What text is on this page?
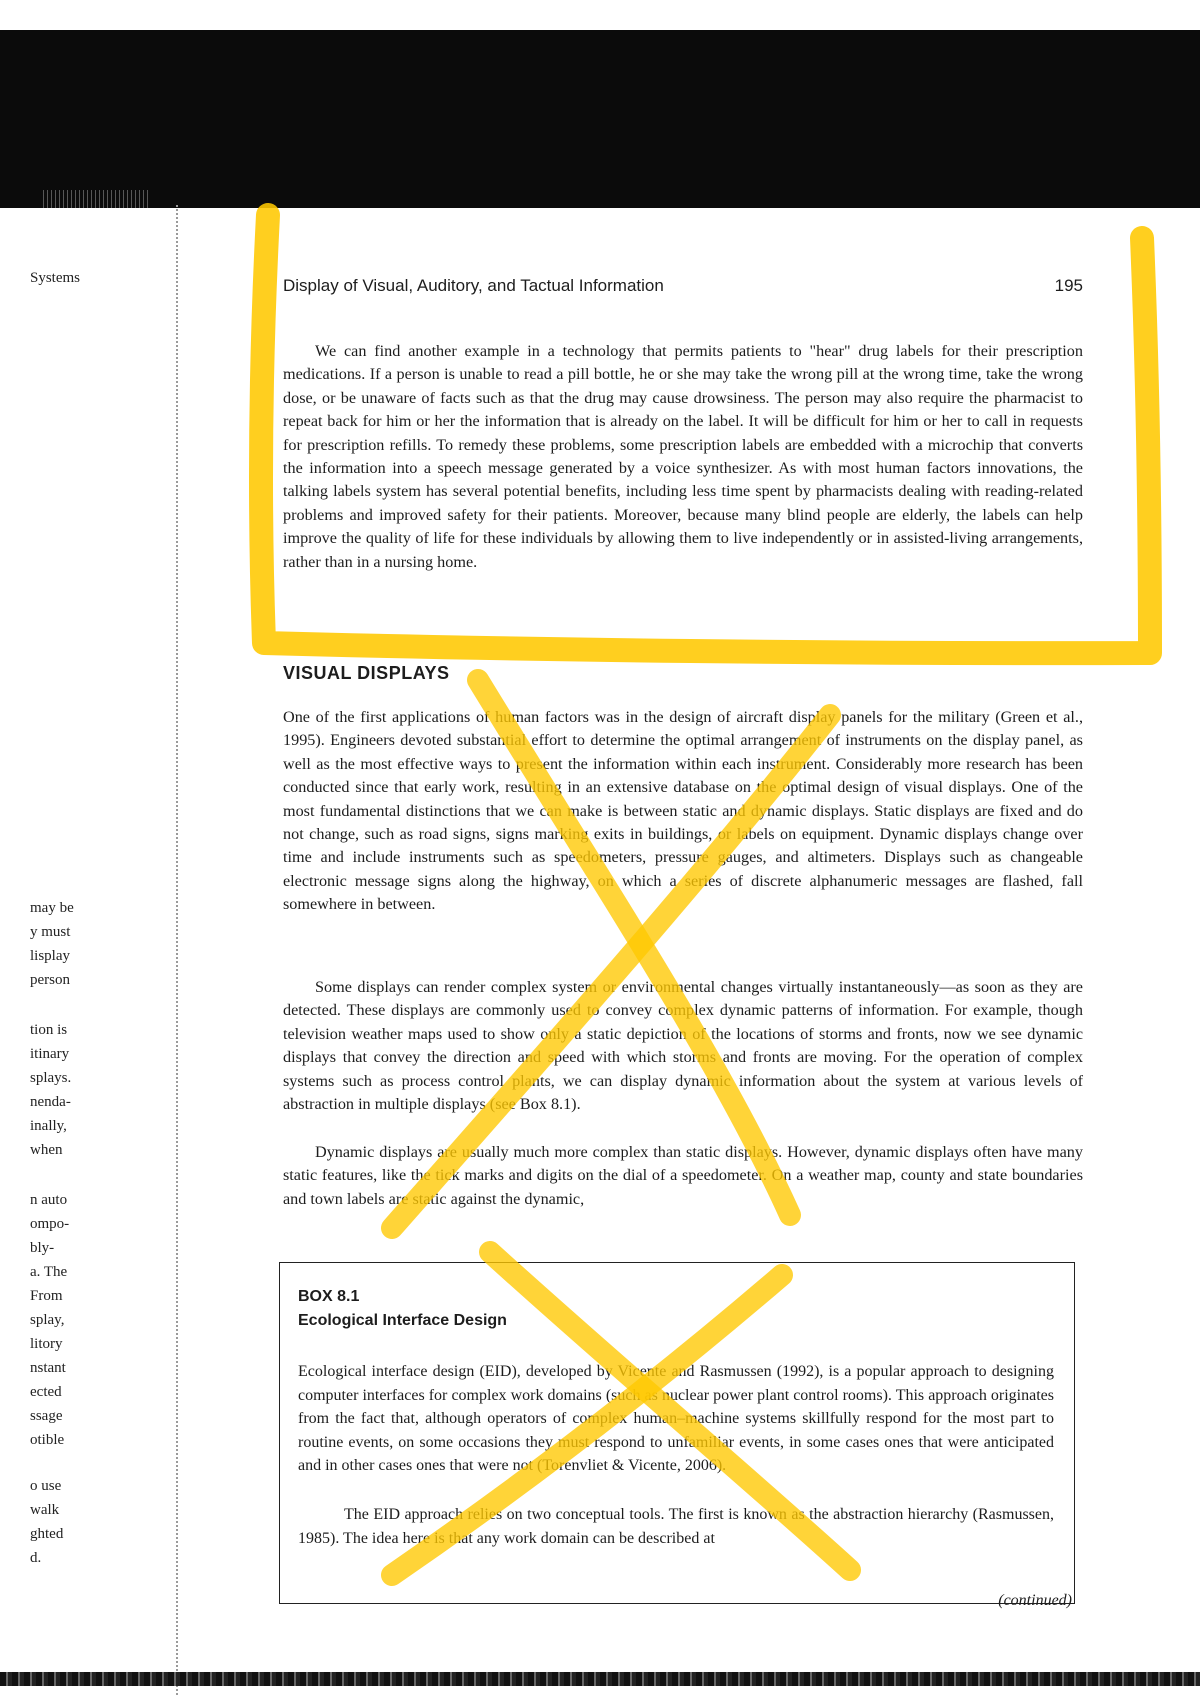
Systems
may be
y must
lisplay
person
tion is
itinary
splays.
nenda-
inally,
when
n auto
ompo-
bly-
a. The
From
splay,
litory
nstant
ected
ssage
otible
o use
walk
ghted
d.
Display of Visual, Auditory, and Tactual Information	195

We can find another example in a technology that permits patients to "hear" drug labels for their prescription medications. If a person is unable to read a pill bottle, he or she may take the wrong pill at the wrong time, take the wrong dose, or be unaware of facts such as that the drug may cause drowsiness. The person may also require the pharmacist to repeat back for him or her the information that is already on the label. It will be difficult for him or her to call in requests for prescription refills. To remedy these problems, some prescription labels are embedded with a microchip that converts the information into a speech message generated by a voice synthesizer. As with most human factors innovations, the talking labels system has several potential benefits, including less time spent by pharmacists dealing with reading-related problems and improved safety for their patients. Moreover, because many blind people are elderly, the labels can help improve the quality of life for these individuals by allowing them to live independently or in assisted-living arrangements, rather than in a nursing home.

VISUAL DISPLAYS

One of the first applications of human factors was in the design of aircraft display panels for the military (Green et al., 1995). Engineers devoted substantial effort to determine the optimal arrangement of instruments on the display panel, as well as the most effective ways to present the information within each instrument. Considerably more research has been conducted since that early work, resulting in an extensive database on the optimal design of visual displays. One of the most fundamental distinctions that we can make is between static and dynamic displays. Static displays are fixed and do not change, such as road signs, signs marking exits in buildings, or labels on equipment. Dynamic displays change over time and include instruments such as speedometers, pressure gauges, and altimeters. Displays such as changeable electronic message signs along the highway, on which a series of discrete alphanumeric messages are flashed, fall somewhere in between.

Some displays can render complex system or environmental changes virtually instantaneously—as soon as they are detected. These displays are commonly used to convey complex dynamic patterns of information. For example, though television weather maps used to show only a static depiction of the locations of storms and fronts, now we see dynamic displays that convey the direction and speed with which storms and fronts are moving. For the operation of complex systems such as process control plants, we can display dynamic information about the system at various levels of abstraction in multiple displays (see Box 8.1).

Dynamic displays are usually much more complex than static displays. However, dynamic displays often have many static features, like the tick marks and digits on the dial of a speedometer. On a weather map, county and state boundaries and town labels are static against the dynamic,

BOX 8.1
Ecological Interface Design

Ecological interface design (EID), developed by Vicente and Rasmussen (1992), is a popular approach to designing computer interfaces for complex work domains (such as nuclear power plant control rooms). This approach originates from the fact that, although operators of complex human–machine systems skillfully respond for the most part to routine events, on some occasions they must respond to unfamiliar events, in some cases ones that were anticipated and in other cases ones that were not (Torenvliet & Vicente, 2006).

The EID approach relies on two conceptual tools. The first is known as the abstraction hierarchy (Rasmussen, 1985). The idea here is that any work domain can be described at

(continued)
